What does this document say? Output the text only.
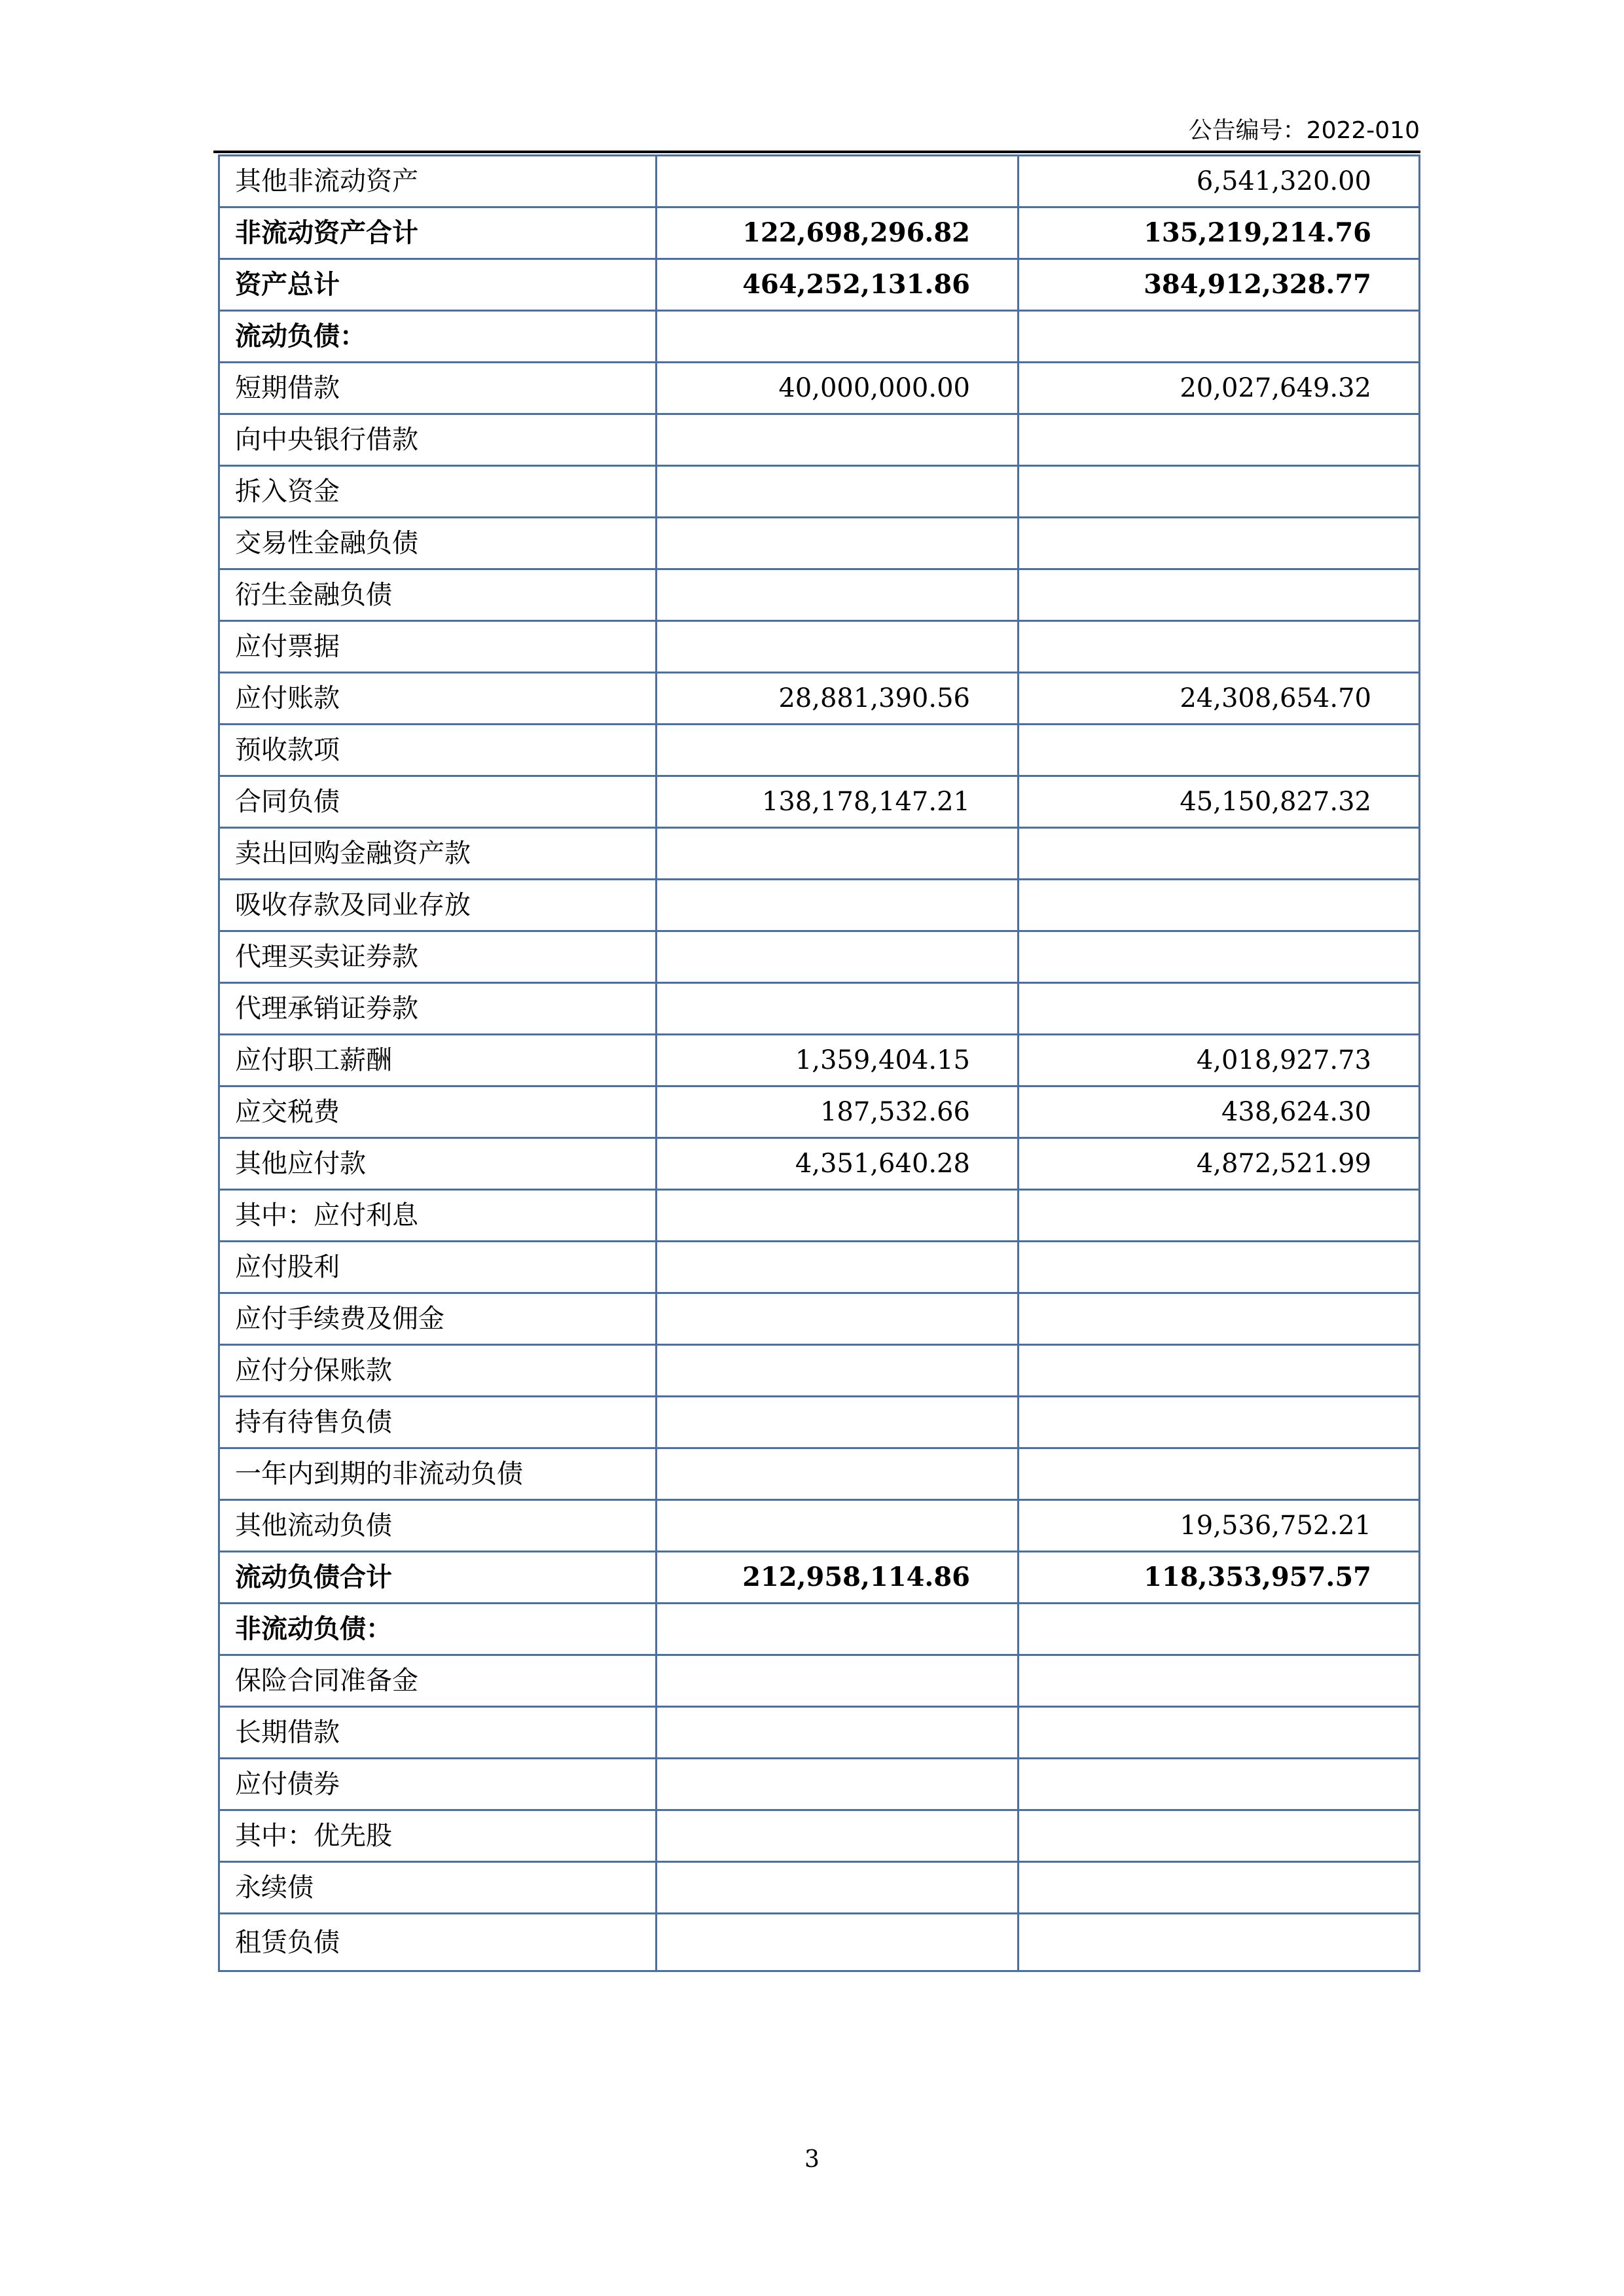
公告编号：2022-010
其他非流动资产		6,541,320.00
非流动资产合计	122,698,296.82	135,219,214.76
资产总计	464,252,131.86	384,912,328.77
流动负债：		
短期借款	40,000,000.00	20,027,649.32
向中央银行借款		
拆入资金		
交易性金融负债		
衍生金融负债		
应付票据		
应付账款	28,881,390.56	24,308,654.70
预收款项		
合同负债	138,178,147.21	45,150,827.32
卖出回购金融资产款		
吸收存款及同业存放		
代理买卖证券款		
代理承销证券款		
应付职工薪酬	1,359,404.15	4,018,927.73
应交税费	187,532.66	438,624.30
其他应付款	4,351,640.28	4,872,521.99
其中：应付利息		
应付股利		
应付手续费及佣金		
应付分保账款		
持有待售负债		
一年内到期的非流动负债		
其他流动负债		19,536,752.21
流动负债合计	212,958,114.86	118,353,957.57
非流动负债：		
保险合同准备金		
长期借款		
应付债券		
其中：优先股		
永续债		
租赁负债		
3
